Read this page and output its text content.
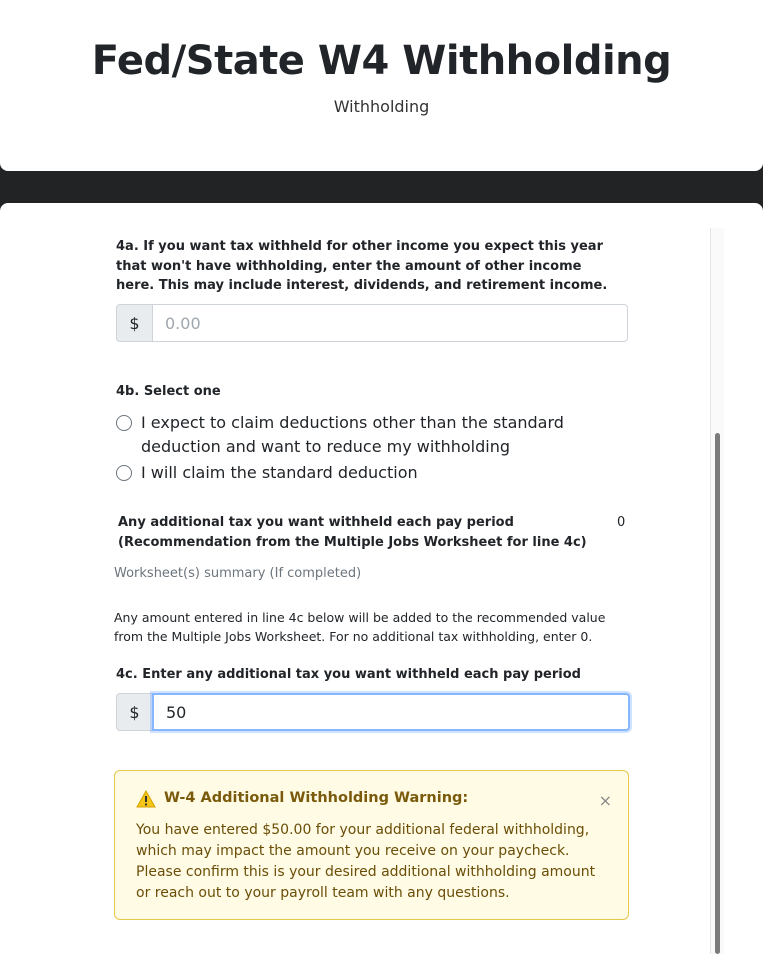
Fed/State W4 Withholding
Withholding
4a. If you want tax withheld for other income you expect this year that won't have withholding, enter the amount of other income here. This may include interest, dividends, and retirement income.
$
0.00
4b. Select one
I expect to claim deductions other than the standard deduction and want to reduce my withholding
I will claim the standard deduction
Any additional tax you want withheld each pay period (Recommendation from the Multiple Jobs Worksheet for line 4c)
0
Worksheet(s) summary (If completed)
Any amount entered in line 4c below will be added to the recommended value from the Multiple Jobs Worksheet. For no additional tax withholding, enter 0.
4c. Enter any additional tax you want withheld each pay period
$
50
W-4 Additional Withholding Warning:	×
You have entered $50.00 for your additional federal withholding, which may impact the amount you receive on your paycheck. Please confirm this is your desired additional withholding amount or reach out to your payroll team with any questions.
